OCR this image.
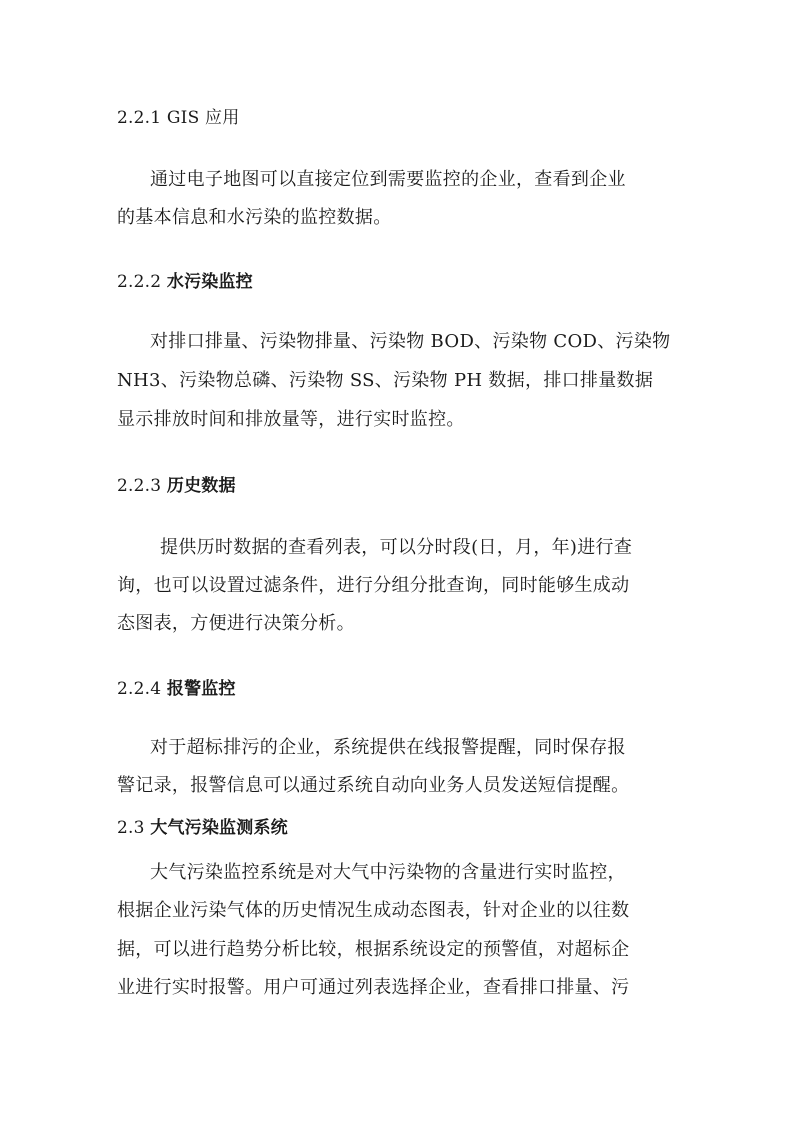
2.2.1 GIS 应用
通过电子地图可以直接定位到需要监控的企业，查看到企业
的基本信息和水污染的监控数据。
2.2.2 水污染监控
对排口排量、污染物排量、污染物 BOD、污染物 COD、污染物
NH3、污染物总磷、污染物 SS、污染物 PH 数据，排口排量数据
显示排放时间和排放量等，进行实时监控。
2.2.3 历史数据
提供历时数据的查看列表，可以分时段(日，月，年)进行查
询，也可以设置过滤条件，进行分组分批查询，同时能够生成动
态图表，方便进行决策分析。
2.2.4 报警监控
对于超标排污的企业，系统提供在线报警提醒，同时保存报
警记录，报警信息可以通过系统自动向业务人员发送短信提醒。
2.3 大气污染监测系统
大气污染监控系统是对大气中污染物的含量进行实时监控，
根据企业污染气体的历史情况生成动态图表，针对企业的以往数
据，可以进行趋势分析比较，根据系统设定的预警值，对超标企
业进行实时报警。用户可通过列表选择企业，查看排口排量、污
